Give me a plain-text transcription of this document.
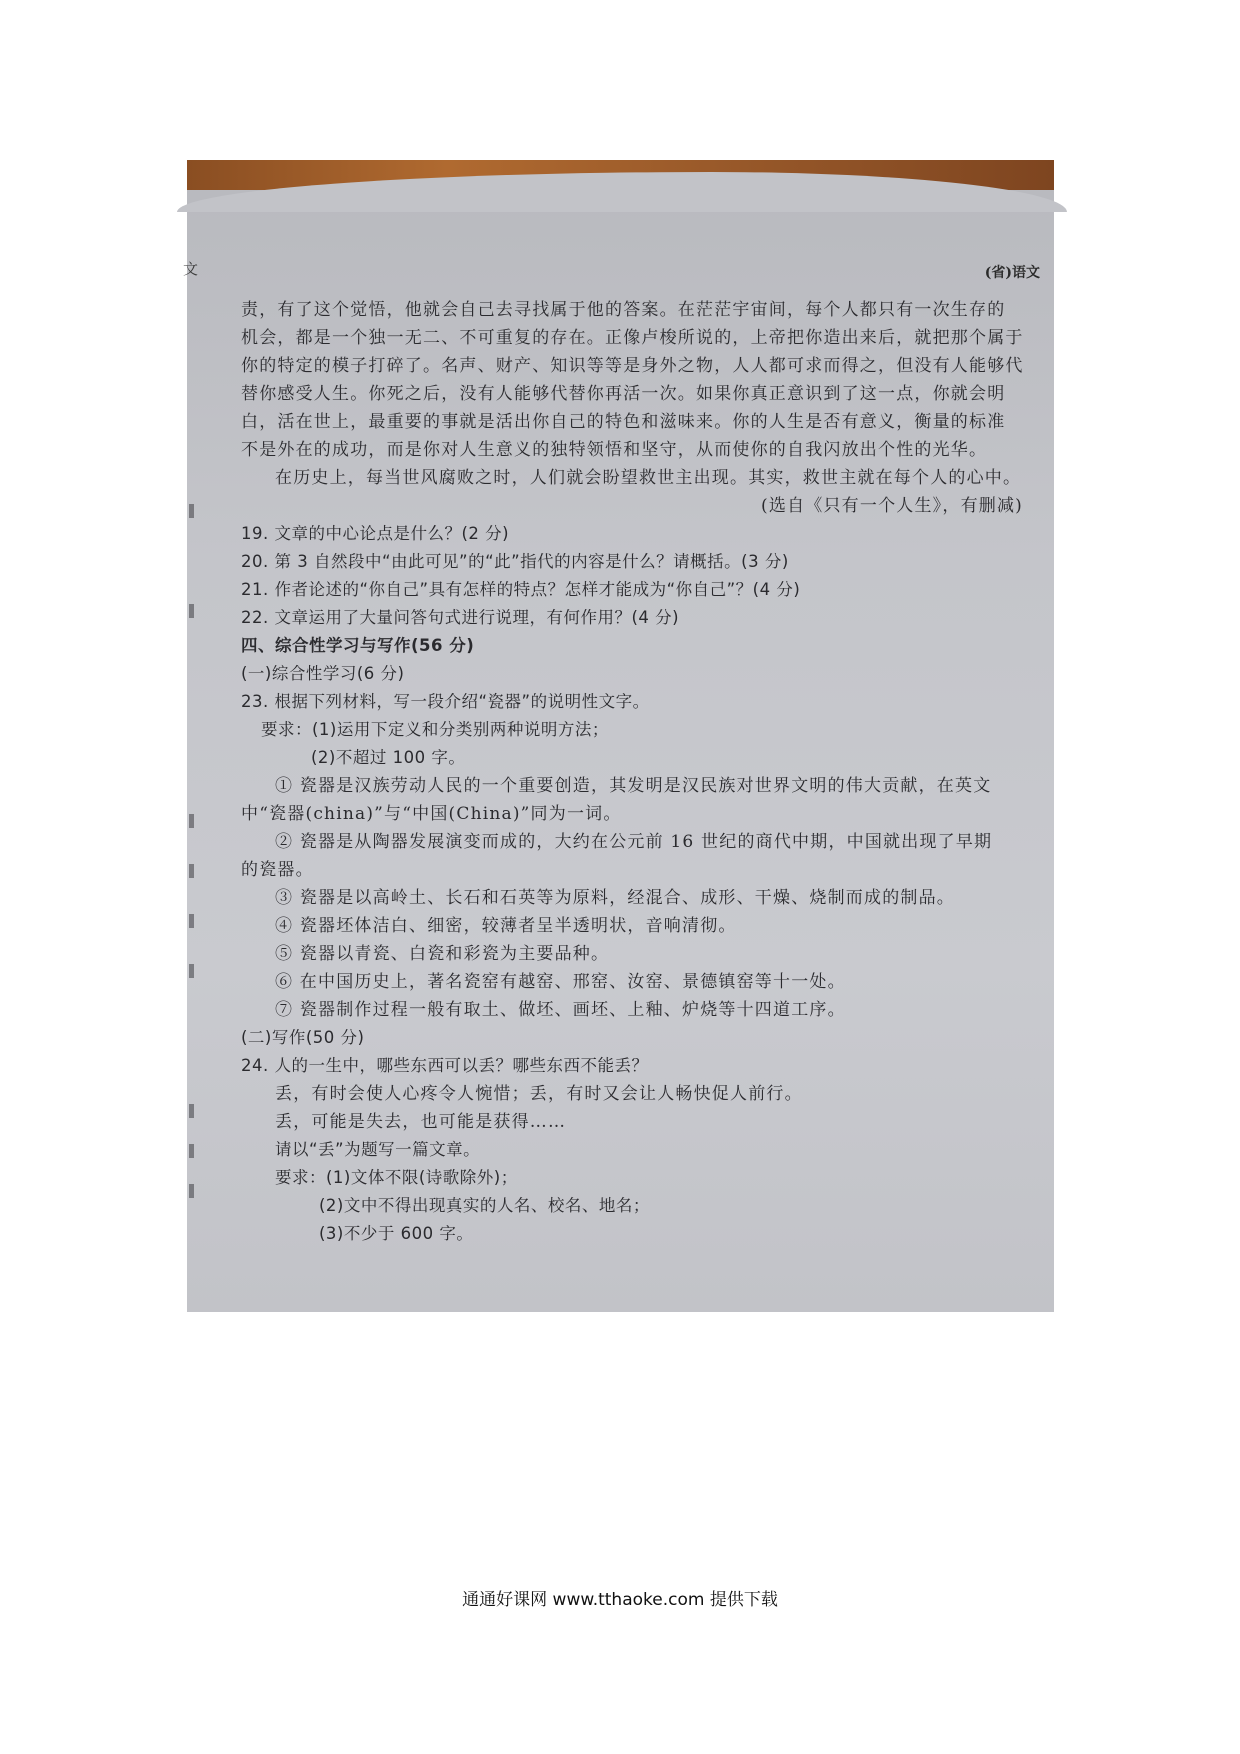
文	(省)语文
责，有了这个觉悟，他就会自己去寻找属于他的答案。在茫茫宇宙间，每个人都只有一次生存的
机会，都是一个独一无二、不可重复的存在。正像卢梭所说的，上帝把你造出来后，就把那个属于
你的特定的模子打碎了。名声、财产、知识等等是身外之物，人人都可求而得之，但没有人能够代
替你感受人生。你死之后，没有人能够代替你再活一次。如果你真正意识到了这一点，你就会明
白，活在世上，最重要的事就是活出你自己的特色和滋味来。你的人生是否有意义，衡量的标准
不是外在的成功，而是你对人生意义的独特领悟和坚守，从而使你的自我闪放出个性的光华。
在历史上，每当世风腐败之时，人们就会盼望救世主出现。其实，救世主就在每个人的心中。
(选自《只有一个人生》，有删减)
19. 文章的中心论点是什么？(2 分)
20. 第 3 自然段中“由此可见”的“此”指代的内容是什么？请概括。(3 分)
21. 作者论述的“你自己”具有怎样的特点？怎样才能成为“你自己”？(4 分)
22. 文章运用了大量问答句式进行说理，有何作用？(4 分)
四、综合性学习与写作(56 分)
(一)综合性学习(6 分)
23. 根据下列材料，写一段介绍“瓷器”的说明性文字。
要求：(1)运用下定义和分类别两种说明方法；
(2)不超过 100 字。
① 瓷器是汉族劳动人民的一个重要创造，其发明是汉民族对世界文明的伟大贡献，在英文
中“瓷器(china)”与“中国(China)”同为一词。
② 瓷器是从陶器发展演变而成的，大约在公元前 16 世纪的商代中期，中国就出现了早期
的瓷器。
③ 瓷器是以高岭土、长石和石英等为原料，经混合、成形、干燥、烧制而成的制品。
④ 瓷器坯体洁白、细密，较薄者呈半透明状，音响清彻。
⑤ 瓷器以青瓷、白瓷和彩瓷为主要品种。
⑥ 在中国历史上，著名瓷窑有越窑、邢窑、汝窑、景德镇窑等十一处。
⑦ 瓷器制作过程一般有取土、做坯、画坯、上釉、炉烧等十四道工序。
(二)写作(50 分)
24. 人的一生中，哪些东西可以丢？哪些东西不能丢？
丢，有时会使人心疼令人惋惜；丢，有时又会让人畅快促人前行。
丢，可能是失去，也可能是获得……
请以“丢”为题写一篇文章。
要求：(1)文体不限(诗歌除外)；
(2)文中不得出现真实的人名、校名、地名；
(3)不少于 600 字。
通通好课网 www.tthaoke.com 提供下载
